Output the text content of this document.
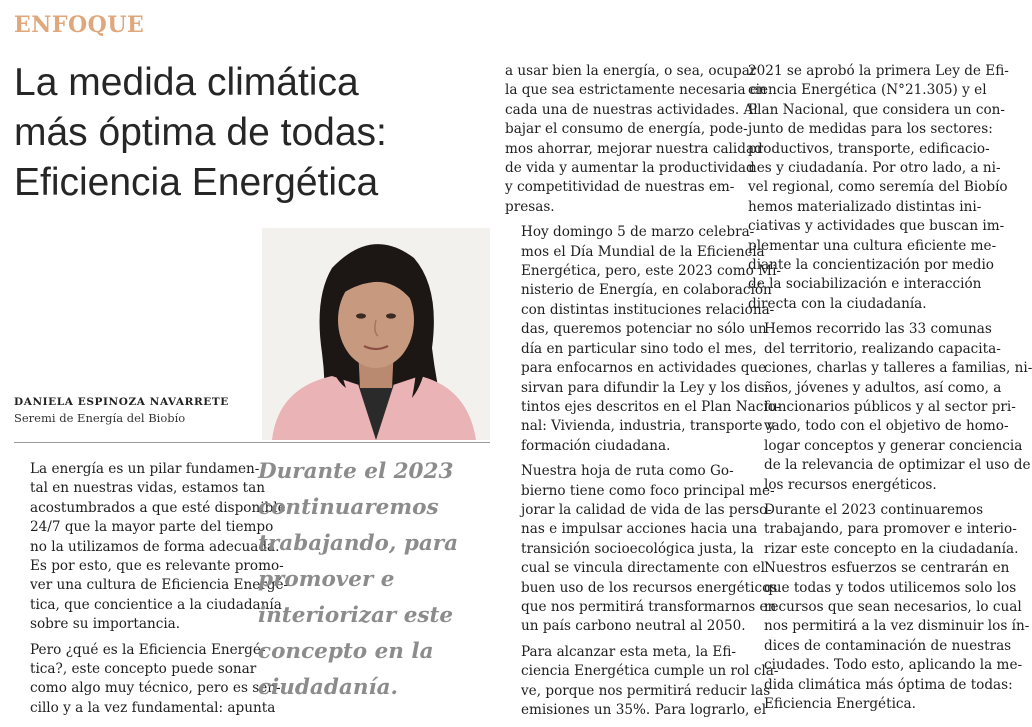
ENFOQUE
La medida climática
más óptima de todas:
Eficiencia Energética
DANIELA ESPINOZA NAVARRETE
Seremi de Energía del Biobío

La energía es un pilar fundamen-
tal en nuestras vidas, estamos tan
acostumbrados a que esté disponible
24/7 que la mayor parte del tiempo
no la utilizamos de forma adecuada.
Es por esto, que es relevante promo-
ver una cultura de Eficiencia Energé-
tica, que concientice a la ciudadanía
sobre su importancia.

Pero ¿qué es la Eficiencia Energé-
tica?, este concepto puede sonar
como algo muy técnico, pero es sen-
cillo y a la vez fundamental: apunta

Durante el 2023
continuaremos
trabajando, para
promover e
interiorizar este
concepto en la
ciudadanía.

a usar bien la energía, o sea, ocupar
la que sea estrictamente necesaria en
cada una de nuestras actividades. Al
bajar el consumo de energía, pode-
mos ahorrar, mejorar nuestra calidad
de vida y aumentar la productividad
y competitividad de nuestras em-
presas.

Hoy domingo 5 de marzo celebra-
mos el Día Mundial de la Eficiencia
Energética, pero, este 2023 como Mi-
nisterio de Energía, en colaboración
con distintas instituciones relaciona-
das, queremos potenciar no sólo un
día en particular sino todo el mes,
para enfocarnos en actividades que
sirvan para difundir la Ley y los dis-
tintos ejes descritos en el Plan Nacio-
nal: Vivienda, industria, transporte y
formación ciudadana.

Nuestra hoja de ruta como Go-
bierno tiene como foco principal me-
jorar la calidad de vida de las perso-
nas e impulsar acciones hacia una
transición socioecológica justa, la
cual se vincula directamente con el
buen uso de los recursos energéticos
que nos permitirá transformarnos en
un país carbono neutral al 2050.

Para alcanzar esta meta, la Efi-
ciencia Energética cumple un rol cla-
ve, porque nos permitirá reducir las
emisiones un 35%. Para lograrlo, el

2021 se aprobó la primera Ley de Efi-
ciencia Energética (N°21.305) y el
Plan Nacional, que considera un con-
junto de medidas para los sectores:
productivos, transporte, edificacio-
nes y ciudadanía. Por otro lado, a ni-
vel regional, como seremía del Biobío
hemos materializado distintas ini-
ciativas y actividades que buscan im-
plementar una cultura eficiente me-
diante la concientización por medio
de la sociabilización e interacción
directa con la ciudadanía.

Hemos recorrido las 33 comunas
del territorio, realizando capacita-
ciones, charlas y talleres a familias, ni-
ños, jóvenes y adultos, así como, a
funcionarios públicos y al sector pri-
vado, todo con el objetivo de homo-
logar conceptos y generar conciencia
de la relevancia de optimizar el uso de
los recursos energéticos.

Durante el 2023 continuaremos
trabajando, para promover e interio-
rizar este concepto en la ciudadanía.
Nuestros esfuerzos se centrarán en
que todas y todos utilicemos solo los
recursos que sean necesarios, lo cual
nos permitirá a la vez disminuir los ín-
dices de contaminación de nuestras
ciudades. Todo esto, aplicando la me-
dida climática más óptima de todas:
Eficiencia Energética.
